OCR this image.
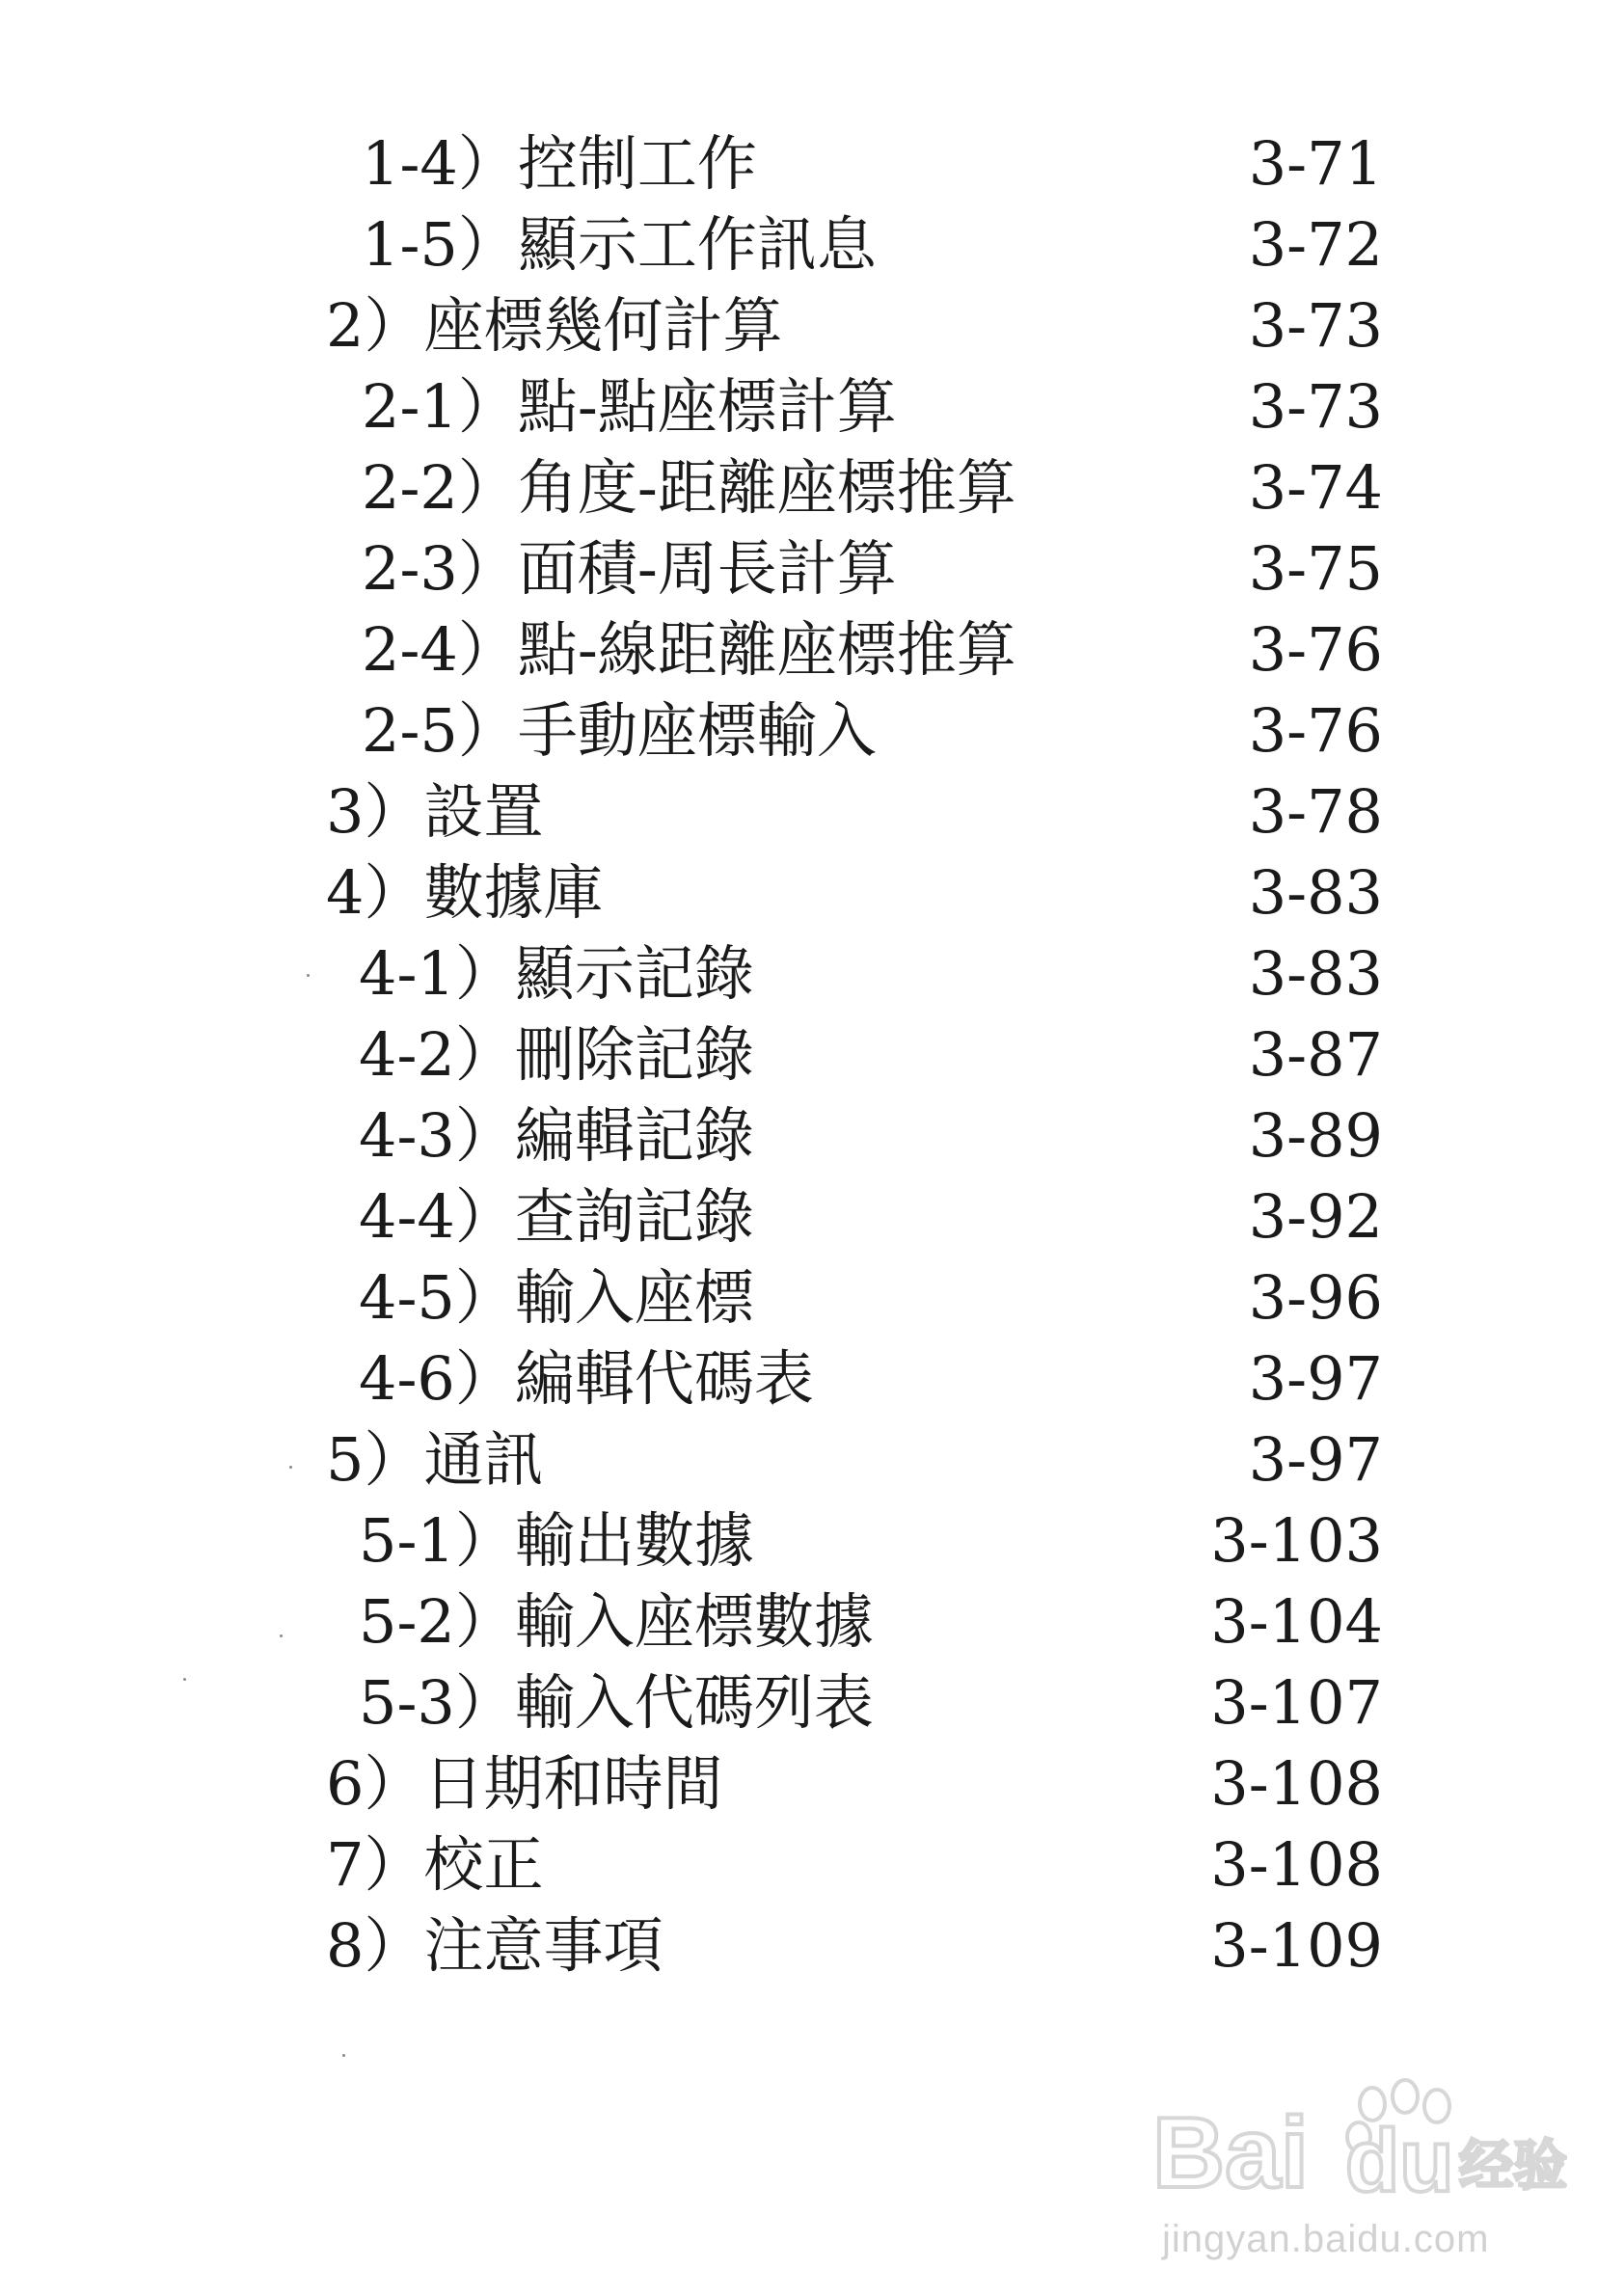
1-4）控制工作	3-71
1-5）顯示工作訊息	3-72
2）座標幾何計算	3-73
2-1）點-點座標計算	3-73
2-2）角度-距離座標推算	3-74
2-3）面積-周長計算	3-75
2-4）點-線距離座標推算	3-76
2-5）手動座標輸入	3-76
3）設置	3-78
4）數據庫	3-83
4-1）顯示記錄	3-83
4-2）刪除記錄	3-87
4-3）編輯記錄	3-89
4-4）查詢記錄	3-92
4-5）輸入座標	3-96
4-6）編輯代碼表	3-97
5）通訊	3-97
5-1）輸出數據	3-103
5-2）輸入座標數據	3-104
5-3）輸入代碼列表	3-107
6）日期和時間	3-108
7）校正	3-108
8）注意事項	3-109
Bai du 经验
jingyan.baidu.com
